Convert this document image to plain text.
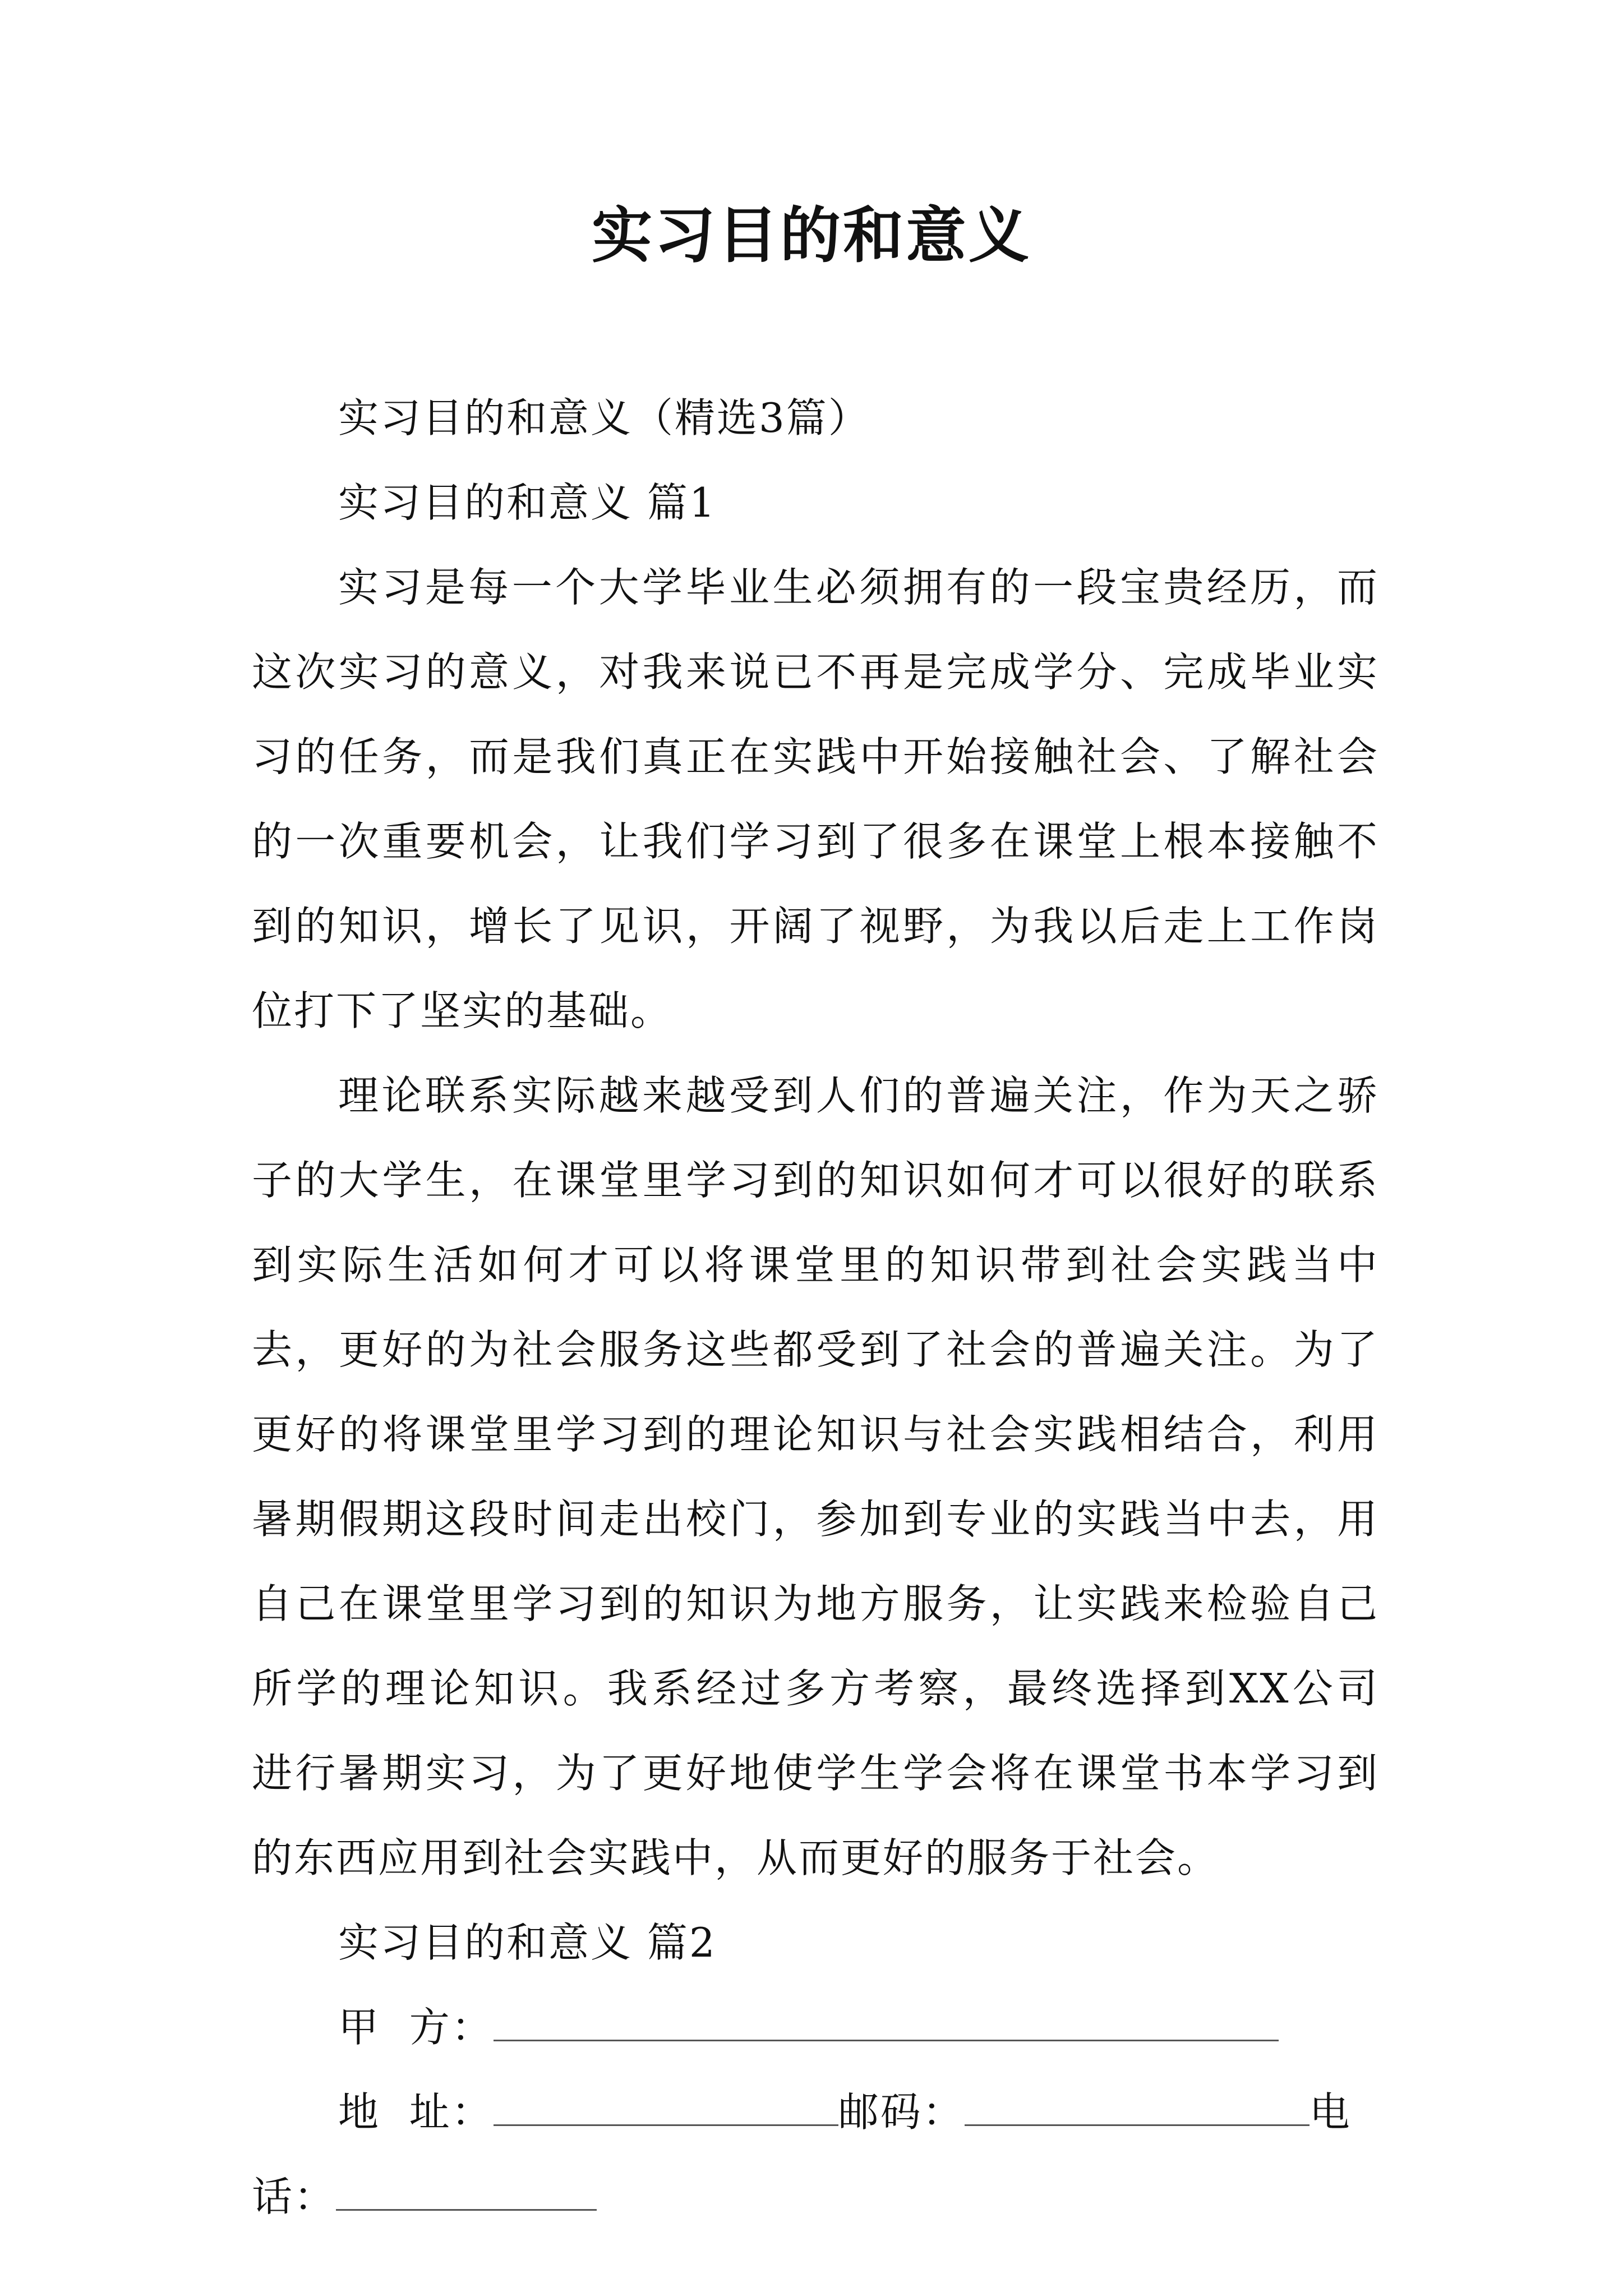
实习目的和意义
实习目的和意义（精选3篇）
实习目的和意义 篇1
实习是每一个大学毕业生必须拥有的一段宝贵经历，而
这次实习的意义，对我来说已不再是完成学分、完成毕业实
习的任务，而是我们真正在实践中开始接触社会、了解社会
的一次重要机会，让我们学习到了很多在课堂上根本接触不
到的知识，增长了见识，开阔了视野，为我以后走上工作岗
位打下了坚实的基础。
理论联系实际越来越受到人们的普遍关注，作为天之骄
子的大学生，在课堂里学习到的知识如何才可以很好的联系
到实际生活如何才可以将课堂里的知识带到社会实践当中
去，更好的为社会服务这些都受到了社会的普遍关注。为了
更好的将课堂里学习到的理论知识与社会实践相结合，利用
暑期假期这段时间走出校门，参加到专业的实践当中去，用
自己在课堂里学习到的知识为地方服务，让实践来检验自己
所学的理论知识。我系经过多方考察，最终选择到XX公司
进行暑期实习，为了更好地使学生学会将在课堂书本学习到
的东西应用到社会实践中，从而更好的服务于社会。
实习目的和意义 篇2
甲  方：
地  址：	邮码：	电
话：
